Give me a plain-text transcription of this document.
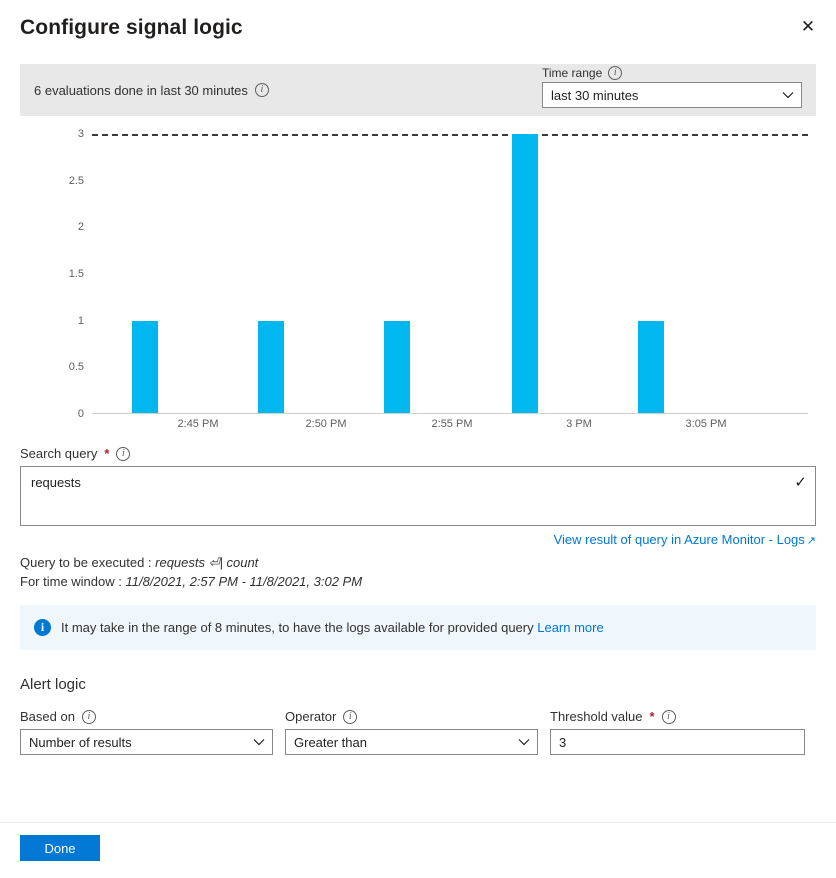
Configure signal logic	✕
6 evaluations done in last 30 minutes	i
Time range	i
last 30 minutes
3
2.5
2
1.5
1
0.5
0
2:45 PM	2:50 PM	2:55 PM	3 PM	3:05 PM
Search query *	i
requests	✓
View result of query in Azure Monitor - Logs ↗
Query to be executed : requests ⏎| count
For time window : 11/8/2021, 2:57 PM - 11/8/2021, 3:02 PM
i	It may take in the range of 8 minutes, to have the logs available for provided query Learn more
Alert logic
Based on	i
Number of results
Operator	i
Greater than
Threshold value *	i
3
Done
